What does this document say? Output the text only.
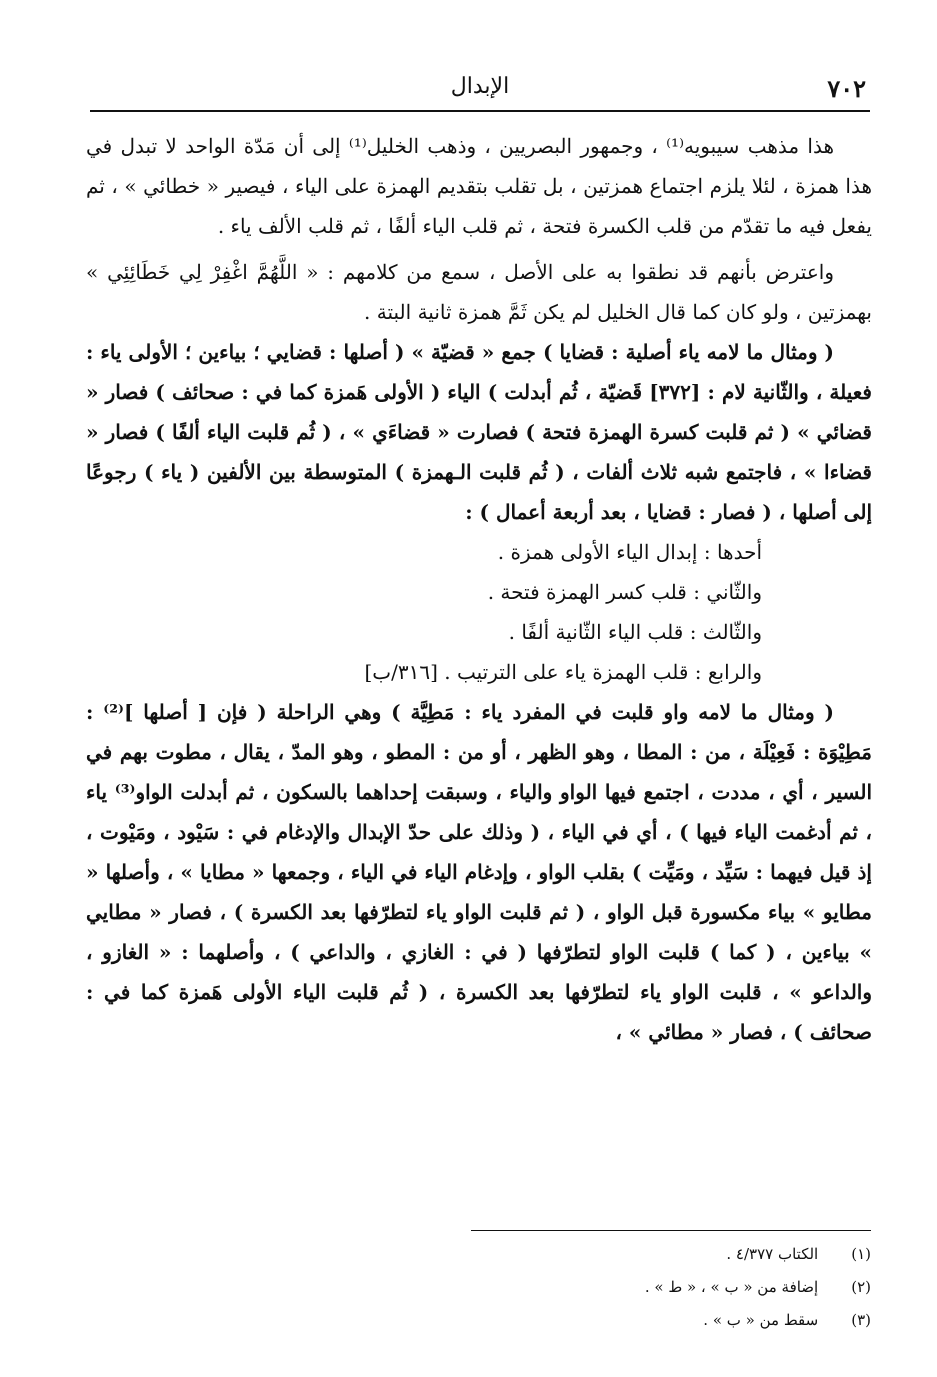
٧٠٢
الإبدال

هذا مذهب سيبويه⁽¹⁾ ، وجمهور البصريين ، وذهب الخليل⁽¹⁾ إلى أن مَدّة الواحد لا تبدل في هذا همزة ، لئلا يلزم اجتماع همزتين ، بل تقلب بتقديم الهمزة على الياء ، فيصير « خطائي » ، ثم يفعل فيه ما تقدّم من قلب الكسرة فتحة ، ثم قلب الياء ألفًا ، ثم قلب الألف ياء .

واعترض بأنهم قد نطقوا به على الأصل ، سمع من كلامهم : « اللَّهُمَّ اغْفِرْ لِي خَطَائِئِي » بهمزتين ، ولو كان كما قال الخليل لم يكن ثَمَّ همزة ثانية البتة .

( ومثال ما لامه ياء أصلية : قضايا ) جمع « قضيّة » ( أصلها : قضايي ؛ بياءين ؛ الأولى ياء : فعيلة ، والثّانية لام : [٣٧٢] قَضيّة ، ثُم أبدلت ) الياء ( الأولى هَمزة كما في : صحائف ) فصار « قضائي » ( ثم قلبت كسرة الهمزة فتحة ) فصارت « قضاءَي » ، ( ثُم قلبت الياء ألفًا ) فصار « قضاءا » ، فاجتمع شبه ثلاث ألفات ، ( ثُم قلبت الـهمزة ) المتوسطة بين الألفين ( ياء ) رجوعًا إلى أصلها ، ( فصار : قضايا ، بعد أربعة أعمال ) :

أحدها : إبدال الياء الأولى همزة .

والثّاني : قلب كسر الهمزة فتحة .

والثّالث : قلب الياء الثّانية ألفًا .

والرابع : قلب الهمزة ياء على الترتيب . [٣١٦/ب]

( ومثال ما لامه واو قلبت في المفرد ياء : مَطِيَّة ) وهي الراحلة ( فإن [ أصلها ]⁽²⁾ : مَطِيْوَة : فَعِيْلَة ، من : المطا ، وهو الظهر ، أو من : المطو ، وهو المدّ ، يقال ، مطوت بهم في السير ، أي ، مددت ، اجتمع فيها الواو والياء ، وسبقت إحداهما بالسكون ، ثم أبدلت الواو⁽³⁾ ياء ، ثم أدغمت الياء فيها ) ، أي في الياء ، ( وذلك على حدّ الإبدال والإدغام في : سَيْود ، ومَيْوت ، إذ قيل فيهما : سَيِّد ، ومَيِّت ) بقلب الواو ، وإدغام الياء في الياء ، وجمعها « مطايا » ، وأصلها « مطايو » بياء مكسورة قبل الواو ، ( ثم قلبت الواو ياء لتطرّفها بعد الكسرة ) ، فصار « مطايي » بياءين ، ( كما ) قلبت الواو لتطرّفها ( في : الغازي ، والداعي ) ، وأصلهما : « الغازو ، والداعو » ، قلبت الواو ياء لتطرّفها بعد الكسرة ، ( ثُم قلبت الياء الأولى هَمزة كما في : صحائف ) ، فصار « مطائي » ،

(١) الكتاب ٤/٣٧٧ .

(٢) إضافة من « ب » ، « ط » .

(٣) سقط من « ب » .
